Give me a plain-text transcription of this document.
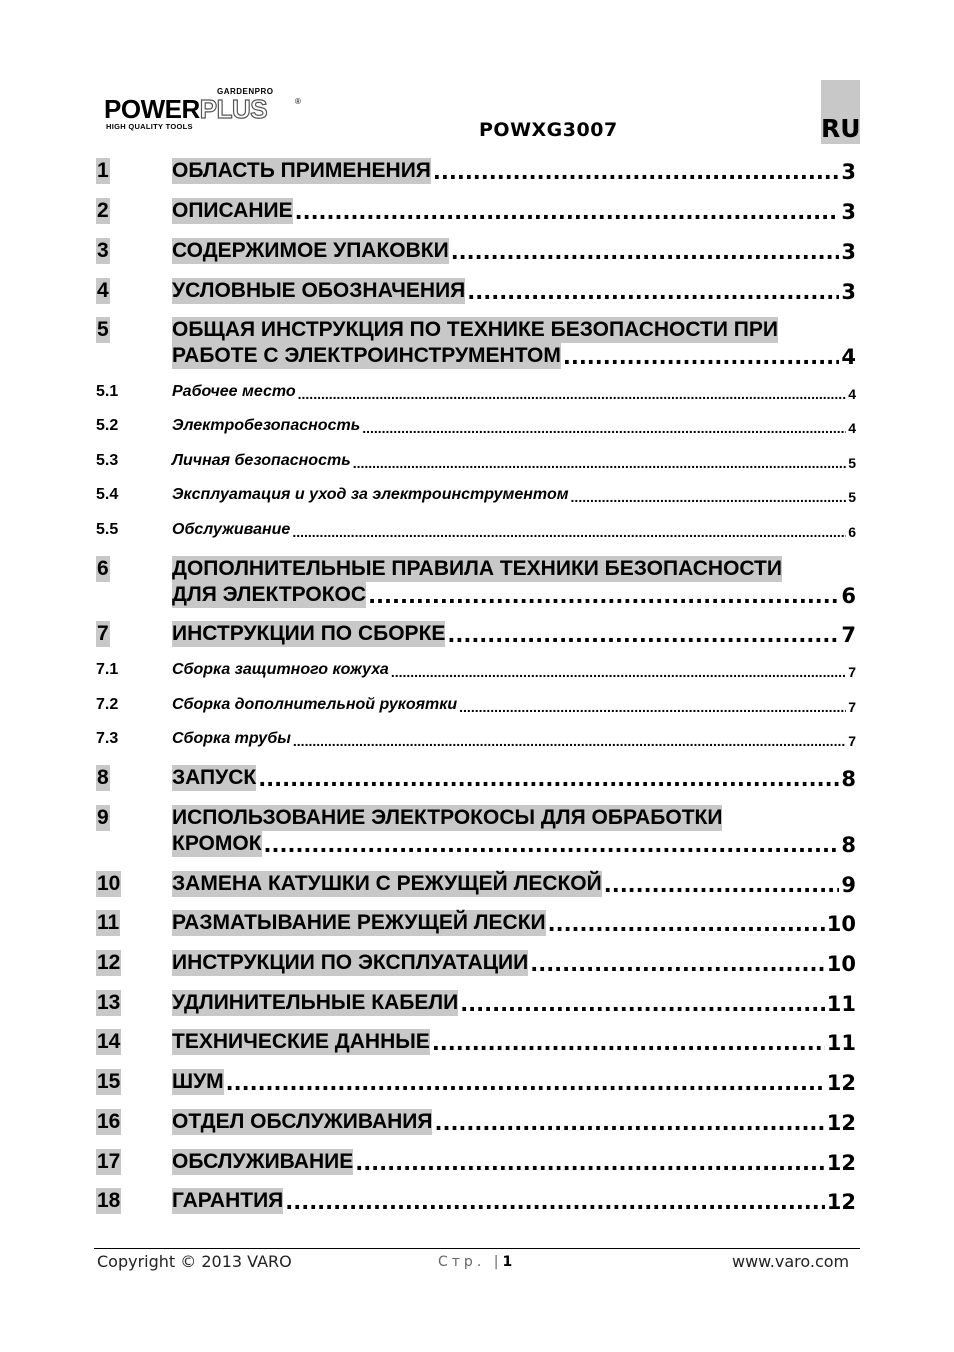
GARDENPRO
POWERPLUS	®
HIGH QUALITY TOOLS	POWXG3007	RU
1	ОБЛАСТЬ ПРИМЕНЕНИЯ .....	3
2	ОПИСАНИЕ .....	3
3	СОДЕРЖИМОЕ УПАКОВКИ .....	3
4	УСЛОВНЫЕ ОБОЗНАЧЕНИЯ .....	3
5	ОБЩАЯ ИНСТРУКЦИЯ ПО ТЕХНИКЕ БЕЗОПАСНОСТИ ПРИ
РАБОТЕ С ЭЛЕКТРОИНСТРУМЕНТОМ .....	4
5.1	Рабочее место .....	4
5.2	Электробезопасность .....	4
5.3	Личная безопасность .....	5
5.4	Эксплуатация и уход за электроинструментом .....	5
5.5	Обслуживание .....	6
6	ДОПОЛНИТЕЛЬНЫЕ ПРАВИЛА ТЕХНИКИ БЕЗОПАСНОСТИ
ДЛЯ ЭЛЕКТРОКОС .....	6
7	ИНСТРУКЦИИ ПО СБОРКЕ .....	7
7.1	Сборка защитного кожуха .....	7
7.2	Сборка дополнительной рукоятки .....	7
7.3	Сборка трубы .....	7
8	ЗАПУСК .....	8
9	ИСПОЛЬЗОВАНИЕ ЭЛЕКТРОКОСЫ ДЛЯ ОБРАБОТКИ
КРОМОК .....	8
10 ЗАМЕНА КАТУШКИ С РЕЖУЩЕЙ ЛЕСКОЙ .....	9
11	РАЗМАТЫВАНИЕ РЕЖУЩЕЙ ЛЕСКИ .....	10
12 ИНСТРУКЦИИ ПО ЭКСПЛУАТАЦИИ .....	10
13 УДЛИНИТЕЛЬНЫЕ КАБЕЛИ .....	11
14 ТЕХНИЧЕСКИЕ ДАННЫЕ .....	11
15 ШУМ .....	12
16 ОТДЕЛ ОБСЛУЖИВАНИЯ .....	12
17 ОБСЛУЖИВАНИЕ .....	12
18 ГАРАНТИЯ .....	12
Copyright © 2013 VARO	Стр. |1	www.varo.com
